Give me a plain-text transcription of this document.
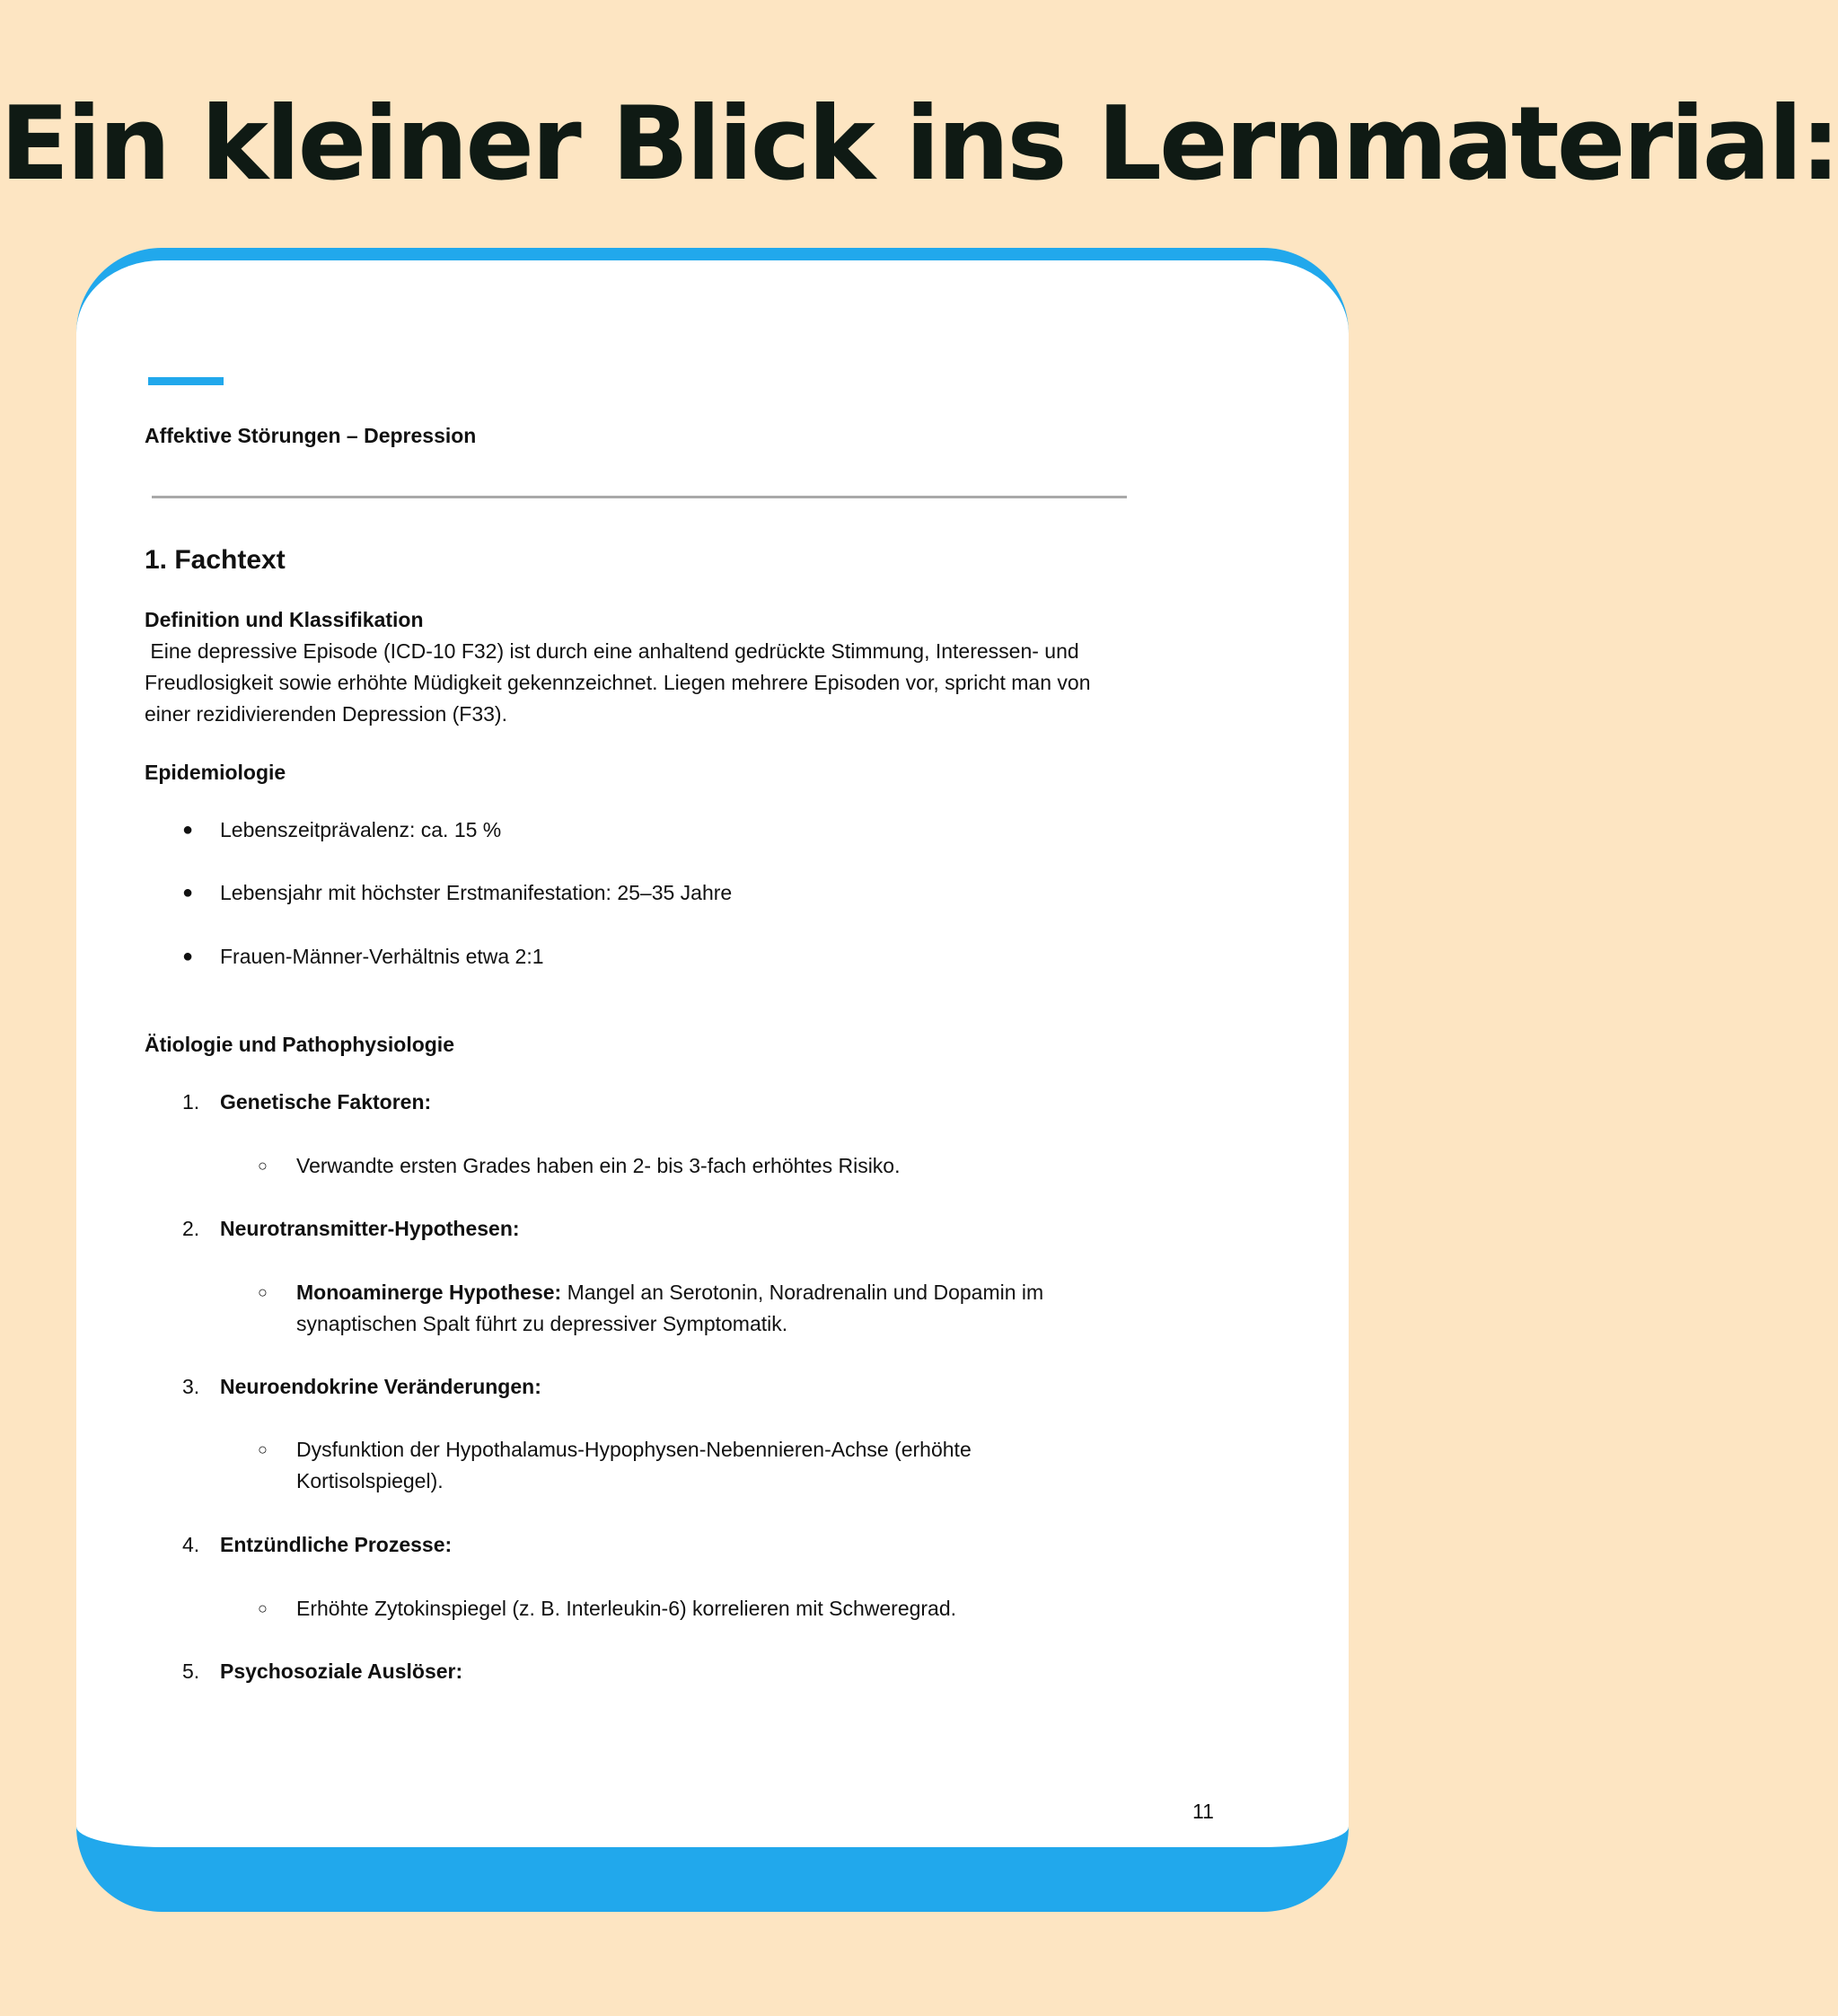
Ein kleiner Blick ins Lernmaterial:
Affektive Störungen – Depression
1. Fachtext
Definition und Klassifikation

Eine depressive Episode (ICD-10 F32) ist durch eine anhaltend gedrückte Stimmung, Interessen- und Freudlosigkeit sowie erhöhte Müdigkeit gekennzeichnet. Liegen mehrere Episoden vor, spricht man von einer rezidivierenden Depression (F33).

Epidemiologie
● Lebenszeitprävalenz: ca. 15 %
● Lebensjahr mit höchster Erstmanifestation: 25–35 Jahre
● Frauen-Männer-Verhältnis etwa 2:1
Ätiologie und Pathophysiologie
1. Genetische Faktoren:
○ Verwandte ersten Grades haben ein 2- bis 3-fach erhöhtes Risiko.
2. Neurotransmitter-Hypothesen:
○ Monoaminerge Hypothese: Mangel an Serotonin, Noradrenalin und Dopamin im synaptischen Spalt führt zu depressiver Symptomatik.
3. Neuroendokrine Veränderungen:
○ Dysfunktion der Hypothalamus-Hypophysen-Nebennieren-Achse (erhöhte Kortisolspiegel).
4. Entzündliche Prozesse:
○ Erhöhte Zytokinspiegel (z. B. Interleukin-6) korrelieren mit Schweregrad.
5. Psychosoziale Auslöser:
11
